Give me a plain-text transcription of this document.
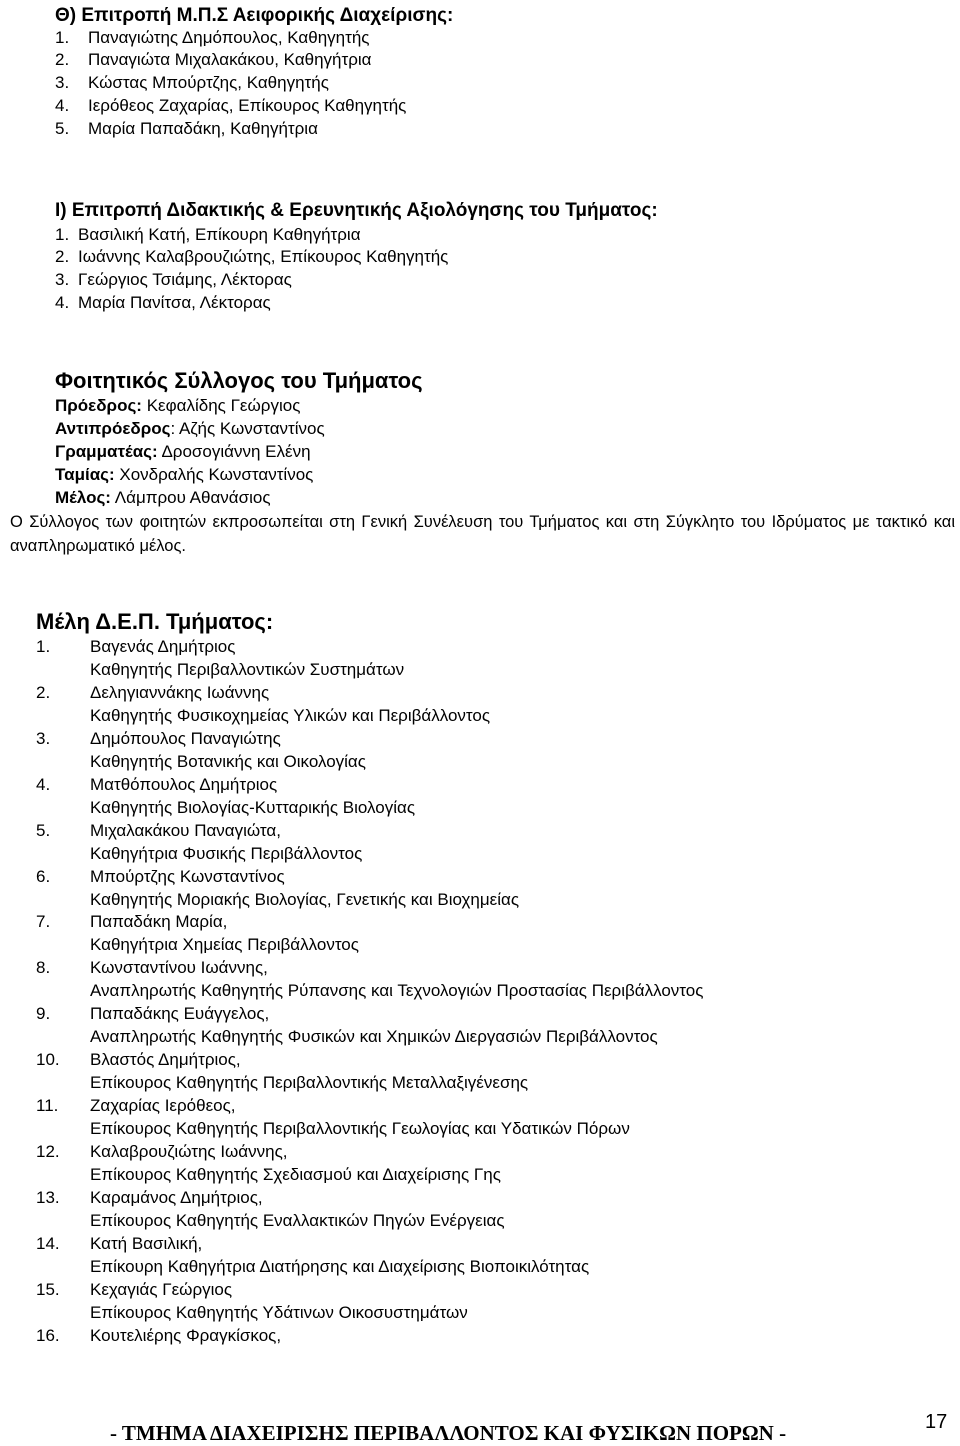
Θ) Επιτροπή Μ.Π.Σ Αειφορικής Διαχείρισης:
1. Παναγιώτης Δημόπουλος, Καθηγητής
2. Παναγιώτα Μιχαλακάκου, Καθηγήτρια
3. Κώστας Μπούρτζης, Καθηγητής
4. Ιερόθεος Ζαχαρίας, Επίκουρος Καθηγητής
5. Μαρία Παπαδάκη, Καθηγήτρια
Ι) Επιτροπή Διδακτικής & Ερευνητικής Αξιολόγησης του Τμήματος:
1. Βασιλική Κατή, Επίκουρη Καθηγήτρια
2. Ιωάννης Καλαβρουζιώτης, Επίκουρος Καθηγητής
3. Γεώργιος Τσιάμης, Λέκτορας
4. Μαρία Πανίτσα, Λέκτορας
Φοιτητικός Σύλλογος του Τμήματος
Πρόεδρος: Κεφαλίδης Γεώργιος
Αντιπρόεδρος: Αζής Κωνσταντίνος
Γραμματέας: Δροσογιάννη Ελένη
Ταμίας: Χονδραλής Κωνσταντίνος
Μέλος: Λάμπρου Αθανάσιος
Ο Σύλλογος των φοιτητών εκπροσωπείται στη Γενική Συνέλευση του Τμήματος και στη Σύγκλητο του Ιδρύματος με τακτικό και αναπληρωματικό μέλος.
Μέλη Δ.Ε.Π. Τμήματος:
1. Βαγενάς Δημήτριος
Καθηγητής Περιβαλλοντικών Συστημάτων
2. Δεληγιαννάκης Ιωάννης
Καθηγητής Φυσικοχημείας Υλικών και Περιβάλλοντος
3. Δημόπουλος Παναγιώτης
Καθηγητής Βοτανικής και Οικολογίας
4. Ματθόπουλος Δημήτριος
Καθηγητής Βιολογίας-Κυτταρικής Βιολογίας
5. Μιχαλακάκου Παναγιώτα,
Καθηγήτρια Φυσικής Περιβάλλοντος
6. Μπούρτζης Κωνσταντίνος
Καθηγητής Μοριακής Βιολογίας, Γενετικής και Βιοχημείας
7. Παπαδάκη Μαρία,
Καθηγήτρια Χημείας Περιβάλλοντος
8. Κωνσταντίνου Ιωάννης,
Αναπληρωτής Καθηγητής Ρύπανσης και Τεχνολογιών Προστασίας Περιβάλλοντος
9. Παπαδάκης Ευάγγελος,
Αναπληρωτής Καθηγητής Φυσικών και Χημικών Διεργασιών Περιβάλλοντος
10. Βλαστός Δημήτριος,
Επίκουρος Καθηγητής Περιβαλλοντικής Μεταλλαξιγένεσης
11. Ζαχαρίας Ιερόθεος,
Επίκουρος Καθηγητής Περιβαλλοντικής Γεωλογίας και Υδατικών Πόρων
12. Καλαβρουζιώτης Ιωάννης,
Επίκουρος Καθηγητής Σχεδιασμού και Διαχείρισης Γης
13. Καραμάνος Δημήτριος,
Επίκουρος Καθηγητής Εναλλακτικών Πηγών Ενέργειας
14. Κατή Βασιλική,
Επίκουρη Καθηγήτρια Διατήρησης και Διαχείρισης Βιοποικιλότητας
15. Κεχαγιάς Γεώργιος
Επίκουρος Καθηγητής Υδάτινων Οικοσυστημάτων
16. Κουτελιέρης Φραγκίσκος,
- ΤΜΗΜΑ ΔΙΑΧΕΙΡΙΣΗΣ ΠΕΡΙΒΑΛΛΟΝΤΟΣ ΚΑΙ ΦΥΣΙΚΩΝ ΠΟΡΩΝ -	17
